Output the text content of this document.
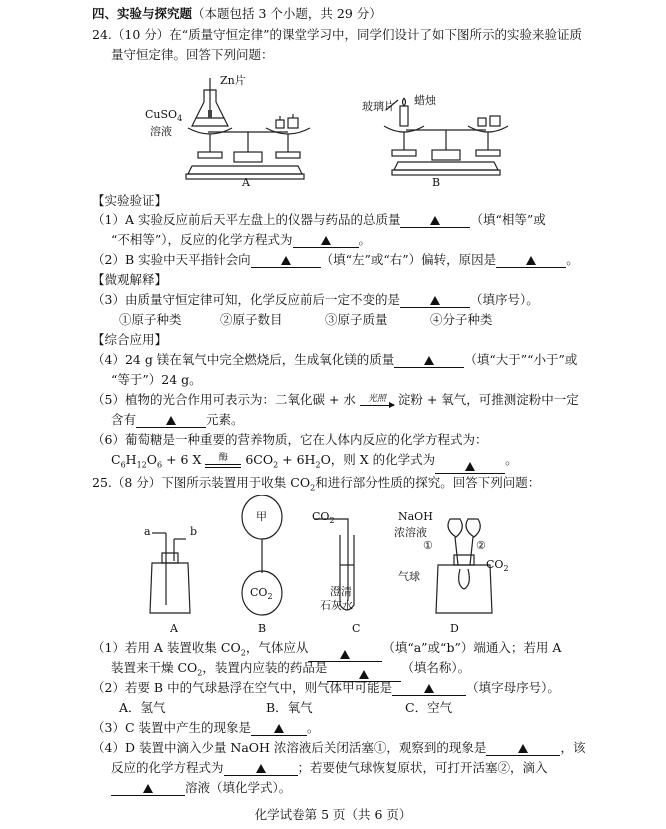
四、实验与探究题（本题包括 3 个小题，共 29 分）
24.（10 分）在“质量守恒定律”的课堂学习中，同学们设计了如下图所示的实验来验证质
量守恒定律。回答下列问题：
Zn片
CuSO$_4$
溶液
A
玻璃片 蜡烛
B
【实验验证】
（1）A 实验反应前后天平左盘上的仪器与药品的总质量	（填“相等”或
“不相等”），反应的化学方程式为	。
（2）B 实验中天平指针会向	（填“左”或“右”）偏转，原因是	。
【微观解释】
（3）由质量守恒定律可知，化学反应前后一定不变的是	（填序号）。
①原子种类	②原子数目	③原子质量	④分子种类
【综合应用】
（4）24 g 镁在氧气中完全燃烧后，生成氧化镁的质量	（填“大于”“小于”或
“等于”）24 g。
（5）植物的光合作用可表示为：二氧化碳 + 水	光照 淀粉 + 氧气，可推测淀粉中一定
含有	元素。
（6）葡萄糖是一种重要的营养物质，它在人体内反应的化学方程式为：
$C_6H_{12}O_6 + 6$ X	酶	$6CO_2 + 6H_2O$，则 X 的化学式为	。
25.（8 分）下图所示装置用于收集 $CO_2$和进行部分性质的探究。回答下列问题：
a	b
A
甲
$CO_2$
B
$CO_2$
澄清
石灰水
C
NaOH
浓溶液
①	②
气球
$CO_2$
D
（1）若用 A 装置收集 $CO_2$，气体应从	（填“a”或“b”）端通入；若用 A
装置来干燥 $CO_2$，装置内应装的药品是	（填名称）。
（2）若要 B 中的气球悬浮在空气中，则气体甲可能是	（填字母序号）。
A．氢气	B．氧气	C．空气
（3）C 装置中产生的现象是	。
（4）D 装置中滴入少量 NaOH 浓溶液后关闭活塞①，观察到的现象是	，该
反应的化学方程式为	；若要使气球恢复原状，可打开活塞②，滴入
溶液（填化学式）。
化学试卷第 5 页（共 6 页）
